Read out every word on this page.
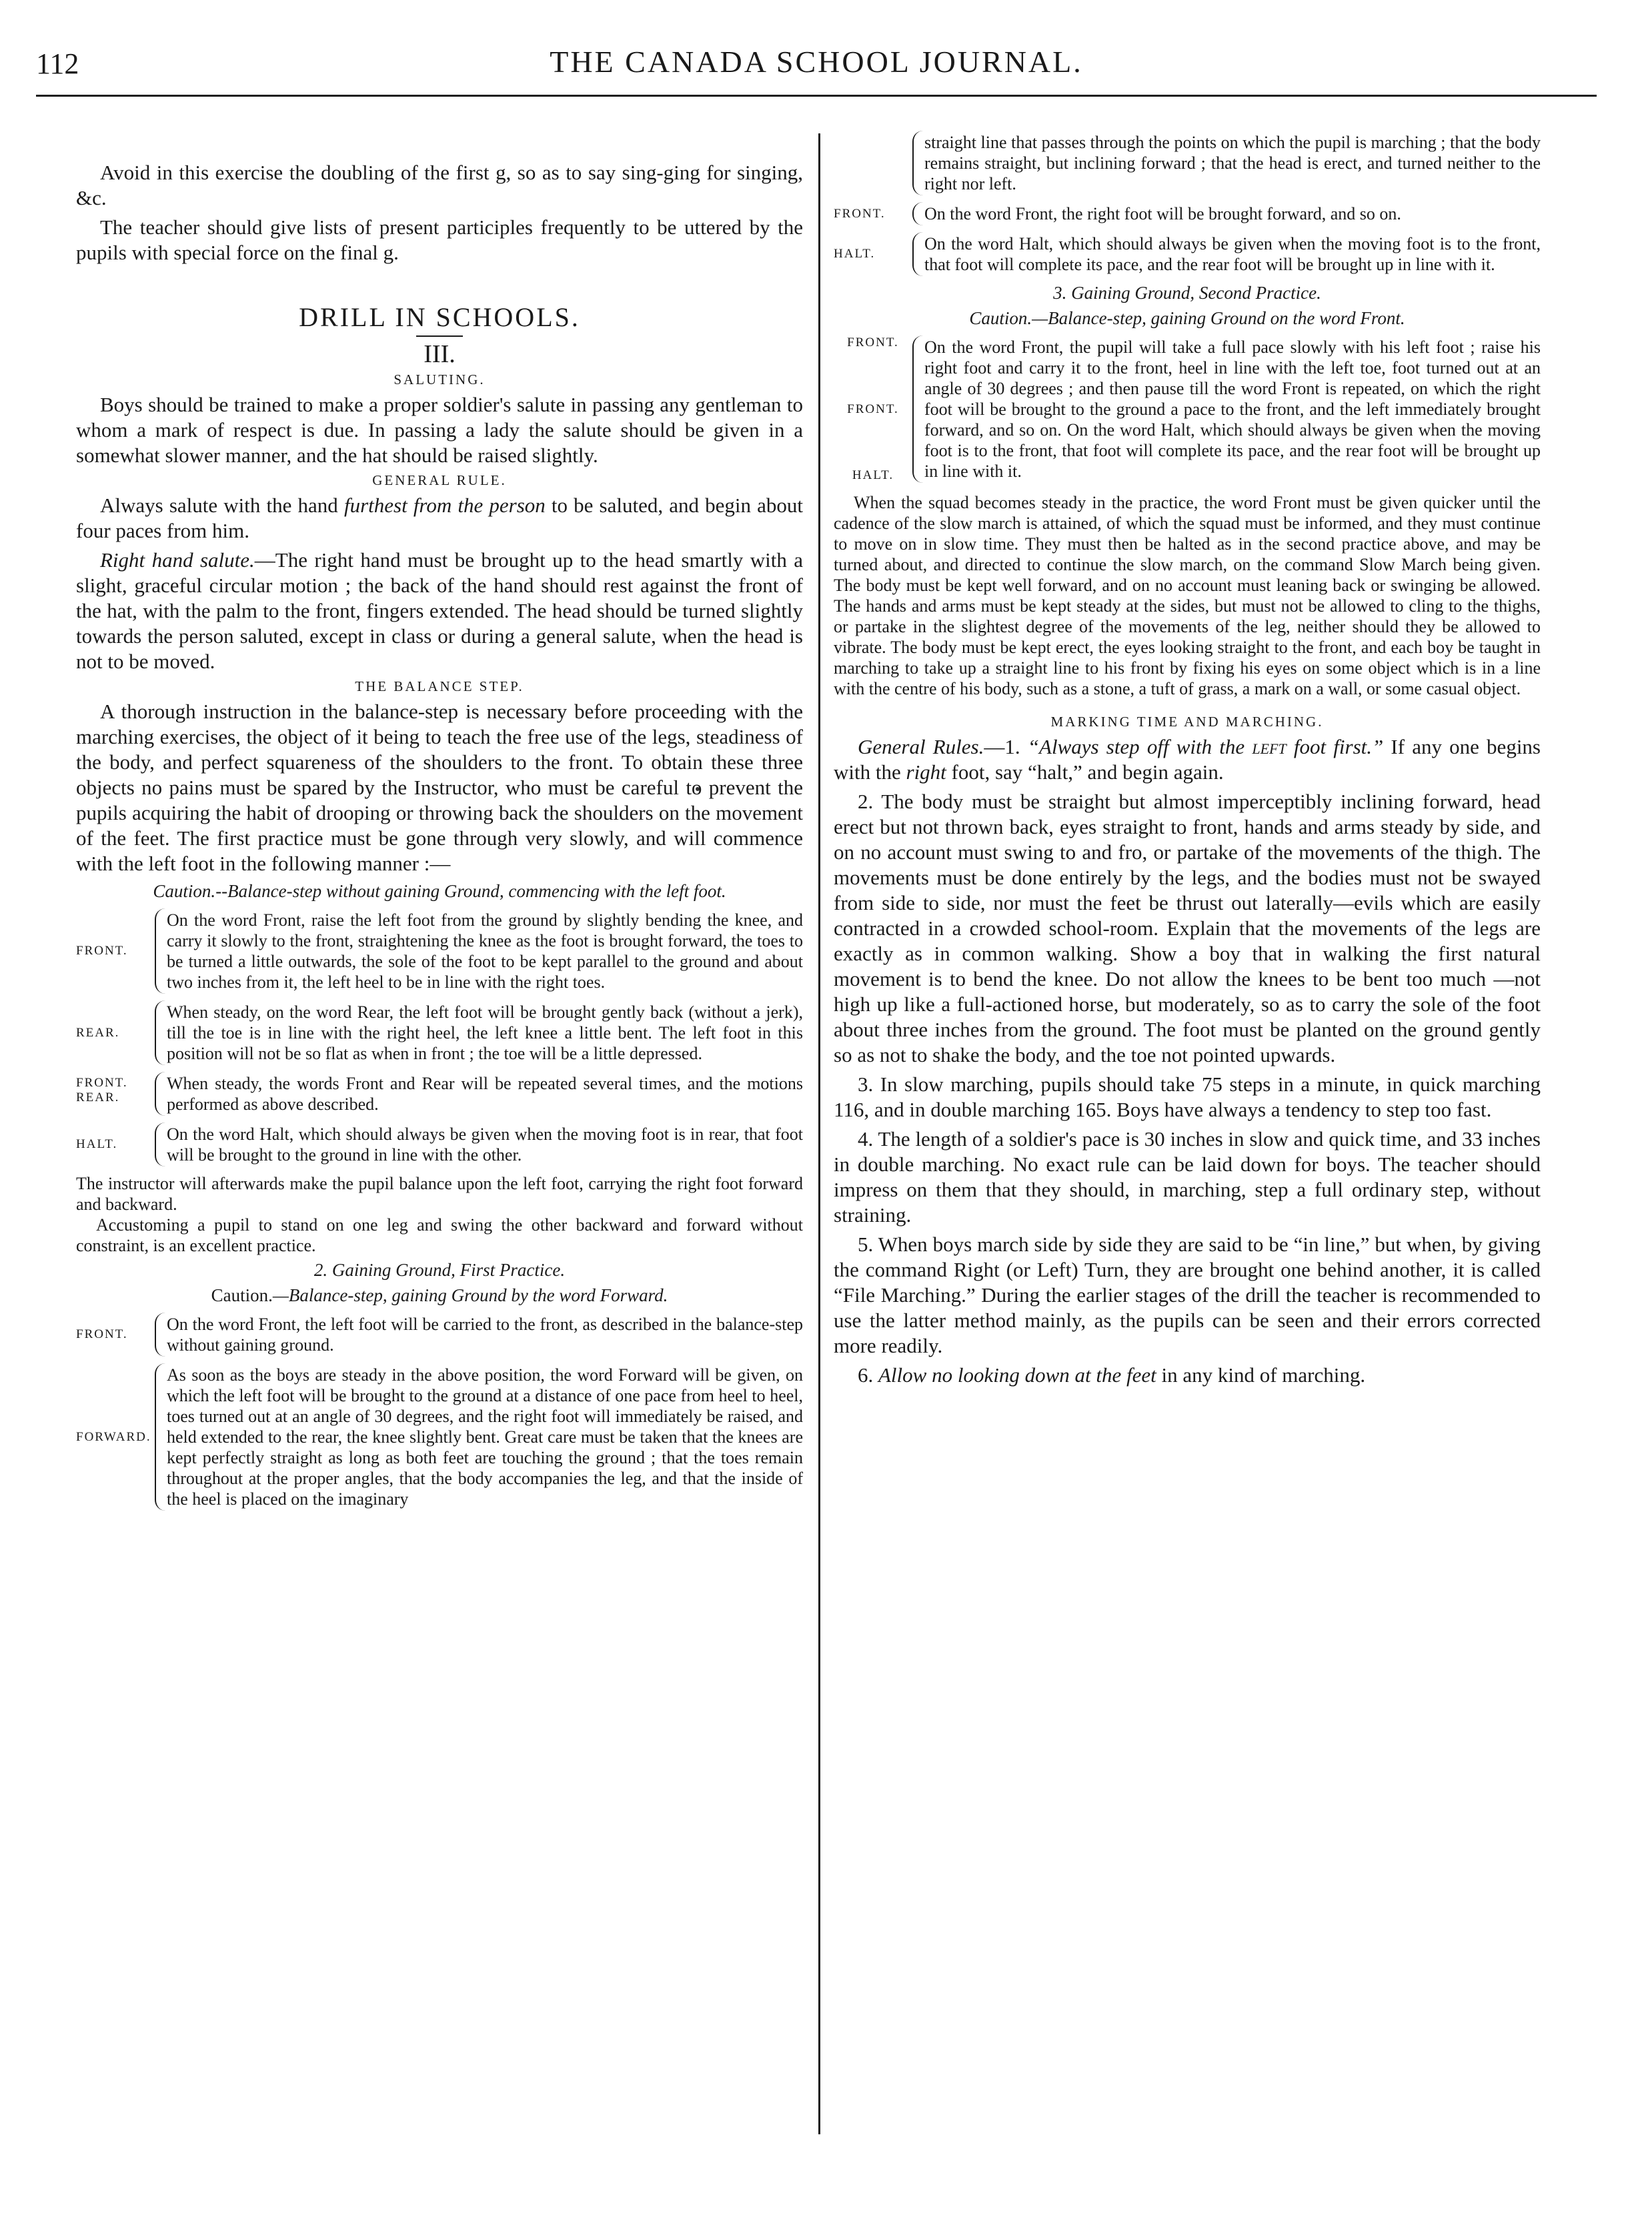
112	THE CANADA SCHOOL JOURNAL.

Avoid in this exercise the doubling of the first g, so as to say sing-ging for singing, &c.

The teacher should give lists of present participles frequently to be uttered by the pupils with special force on the final g.

DRILL IN SCHOOLS.
III.
SALUTING.

Boys should be trained to make a proper soldier's salute in passing any gentleman to whom a mark of respect is due. In passing a lady the salute should be given in a somewhat slower manner, and the hat should be raised slightly.

GENERAL RULE.

Always salute with the hand furthest from the person to be saluted, and begin about four paces from him.

Right hand salute.—The right hand must be brought up to the head smartly with a slight, graceful circular motion ; the back of the hand should rest against the front of the hat, with the palm to the front, fingers extended. The head should be turned slightly towards the person saluted, except in class or during a general salute, when the head is not to be moved.

THE BALANCE STEP.

A thorough instruction in the balance-step is necessary before proceeding with the marching exercises, the object of it being to teach the free use of the legs, steadiness of the body, and perfect squareness of the shoulders to the front. To obtain these three objects no pains must be spared by the Instructor, who must be careful to prevent the pupils acquiring the habit of drooping or throwing back the shoulders on the movement of the feet. The first practice must be gone through very slowly, and will commence with the left foot in the following manner :—

Caution.--Balance-step without gaining Ground, commencing with the left foot.
FRONT.

On the word Front, raise the left foot from the ground by slightly bending the knee, and carry it slowly to the front, straightening the knee as the foot is brought forward, the toes to be turned a little outwards, the sole of the foot to be kept parallel to the ground and about two inches from it, the left heel to be in line with the right toes.

REAR.

When steady, on the word Rear, the left foot will be brought gently back (without a jerk), till the toe is in line with the right heel, the left knee a little bent. The left foot in this position will not be so flat as when in front ; the toe will be a little depressed.

FRONT.
REAR.

When steady, the words Front and Rear will be repeated several times, and the motions performed as above described.

HALT.

On the word Halt, which should always be given when the moving foot is in rear, that foot will be brought to the ground in line with the other.

The instructor will afterwards make the pupil balance upon the left foot, carrying the right foot forward and backward.

Accustoming a pupil to stand on one leg and swing the other backward and forward without constraint, is an excellent practice.

2. Gaining Ground, First Practice.
Caution.—Balance-step, gaining Ground by the word Forward.
FRONT.

On the word Front, the left foot will be carried to the front, as described in the balance-step without gaining ground.

FORWARD.

As soon as the boys are steady in the above position, the word Forward will be given, on which the left foot will be brought to the ground at a distance of one pace from heel to heel, toes turned out at an angle of 30 degrees, and the right foot will immediately be raised, and held extended to the rear, the knee slightly bent. Great care must be taken that the knees are kept perfectly straight as long as both feet are touching the ground ; that the toes remain throughout at the proper angles, that the body accompanies the leg, and that the inside of the heel is placed on the imaginary

straight line that passes through the points on which the pupil is marching ; that the body remains straight, but inclining forward ; that the head is erect, and turned neither to the right nor left.

FRONT.	On the word Front, the right foot will be brought forward, and so on.

HALT.

On the word Halt, which should always be given when the moving foot is to the front, that foot will complete its pace, and the rear foot will be brought up in line with it.

3. Gaining Ground, Second Practice.
Caution.—Balance-step, gaining Ground on the word Front.
FRONT.
FRONT.
HALT.

On the word Front, the pupil will take a full pace slowly with his left foot ; raise his right foot and carry it to the front, heel in line with the left toe, foot turned out at an angle of 30 degrees ; and then pause till the word Front is repeated, on which the right foot will be brought to the ground a pace to the front, and the left immediately brought forward, and so on. On the word Halt, which should always be given when the moving foot is to the front, that foot will complete its pace, and the rear foot will be brought up in line with it.

When the squad becomes steady in the practice, the word Front must be given quicker until the cadence of the slow march is attained, of which the squad must be informed, and they must continue to move on in slow time. They must then be halted as in the second practice above, and may be turned about, and directed to continue the slow march, on the command Slow March being given. The body must be kept well forward, and on no account must leaning back or swinging be allowed. The hands and arms must be kept steady at the sides, but must not be allowed to cling to the thighs, or partake in the slightest degree of the movements of the leg, neither should they be allowed to vibrate. The body must be kept erect, the eyes looking straight to the front, and each boy be taught in marching to take up a straight line to his front by fixing his eyes on some object which is in a line with the centre of his body, such as a stone, a tuft of grass, a mark on a wall, or some casual object.

MARKING TIME AND MARCHING.

General Rules.—1. “Always step off with the left foot first.” If any one begins with the right foot, say “halt,” and begin again.

2. The body must be straight but almost imperceptibly inclining forward, head erect but not thrown back, eyes straight to front, hands and arms steady by side, and on no account must swing to and fro, or partake of the movements of the thigh. The movements must be done entirely by the legs, and the bodies must not be swayed from side to side, nor must the feet be thrust out laterally—evils which are easily contracted in a crowded school-room. Explain that the movements of the legs are exactly as in common walking. Show a boy that in walking the first natural movement is to bend the knee. Do not allow the knees to be bent too much —not high up like a full-actioned horse, but moderately, so as to carry the sole of the foot about three inches from the ground. The foot must be planted on the ground gently so as not to shake the body, and the toe not pointed upwards.

3. In slow marching, pupils should take 75 steps in a minute, in quick marching 116, and in double marching 165. Boys have always a tendency to step too fast.

4. The length of a soldier's pace is 30 inches in slow and quick time, and 33 inches in double marching. No exact rule can be laid down for boys. The teacher should impress on them that they should, in marching, step a full ordinary step, without straining.

5. When boys march side by side they are said to be “in line,” but when, by giving the command Right (or Left) Turn, they are brought one behind another, it is called “File Marching.” During the earlier stages of the drill the teacher is recommended to use the latter method mainly, as the pupils can be seen and their errors corrected more readily.

6. Allow no looking down at the feet in any kind of marching.
